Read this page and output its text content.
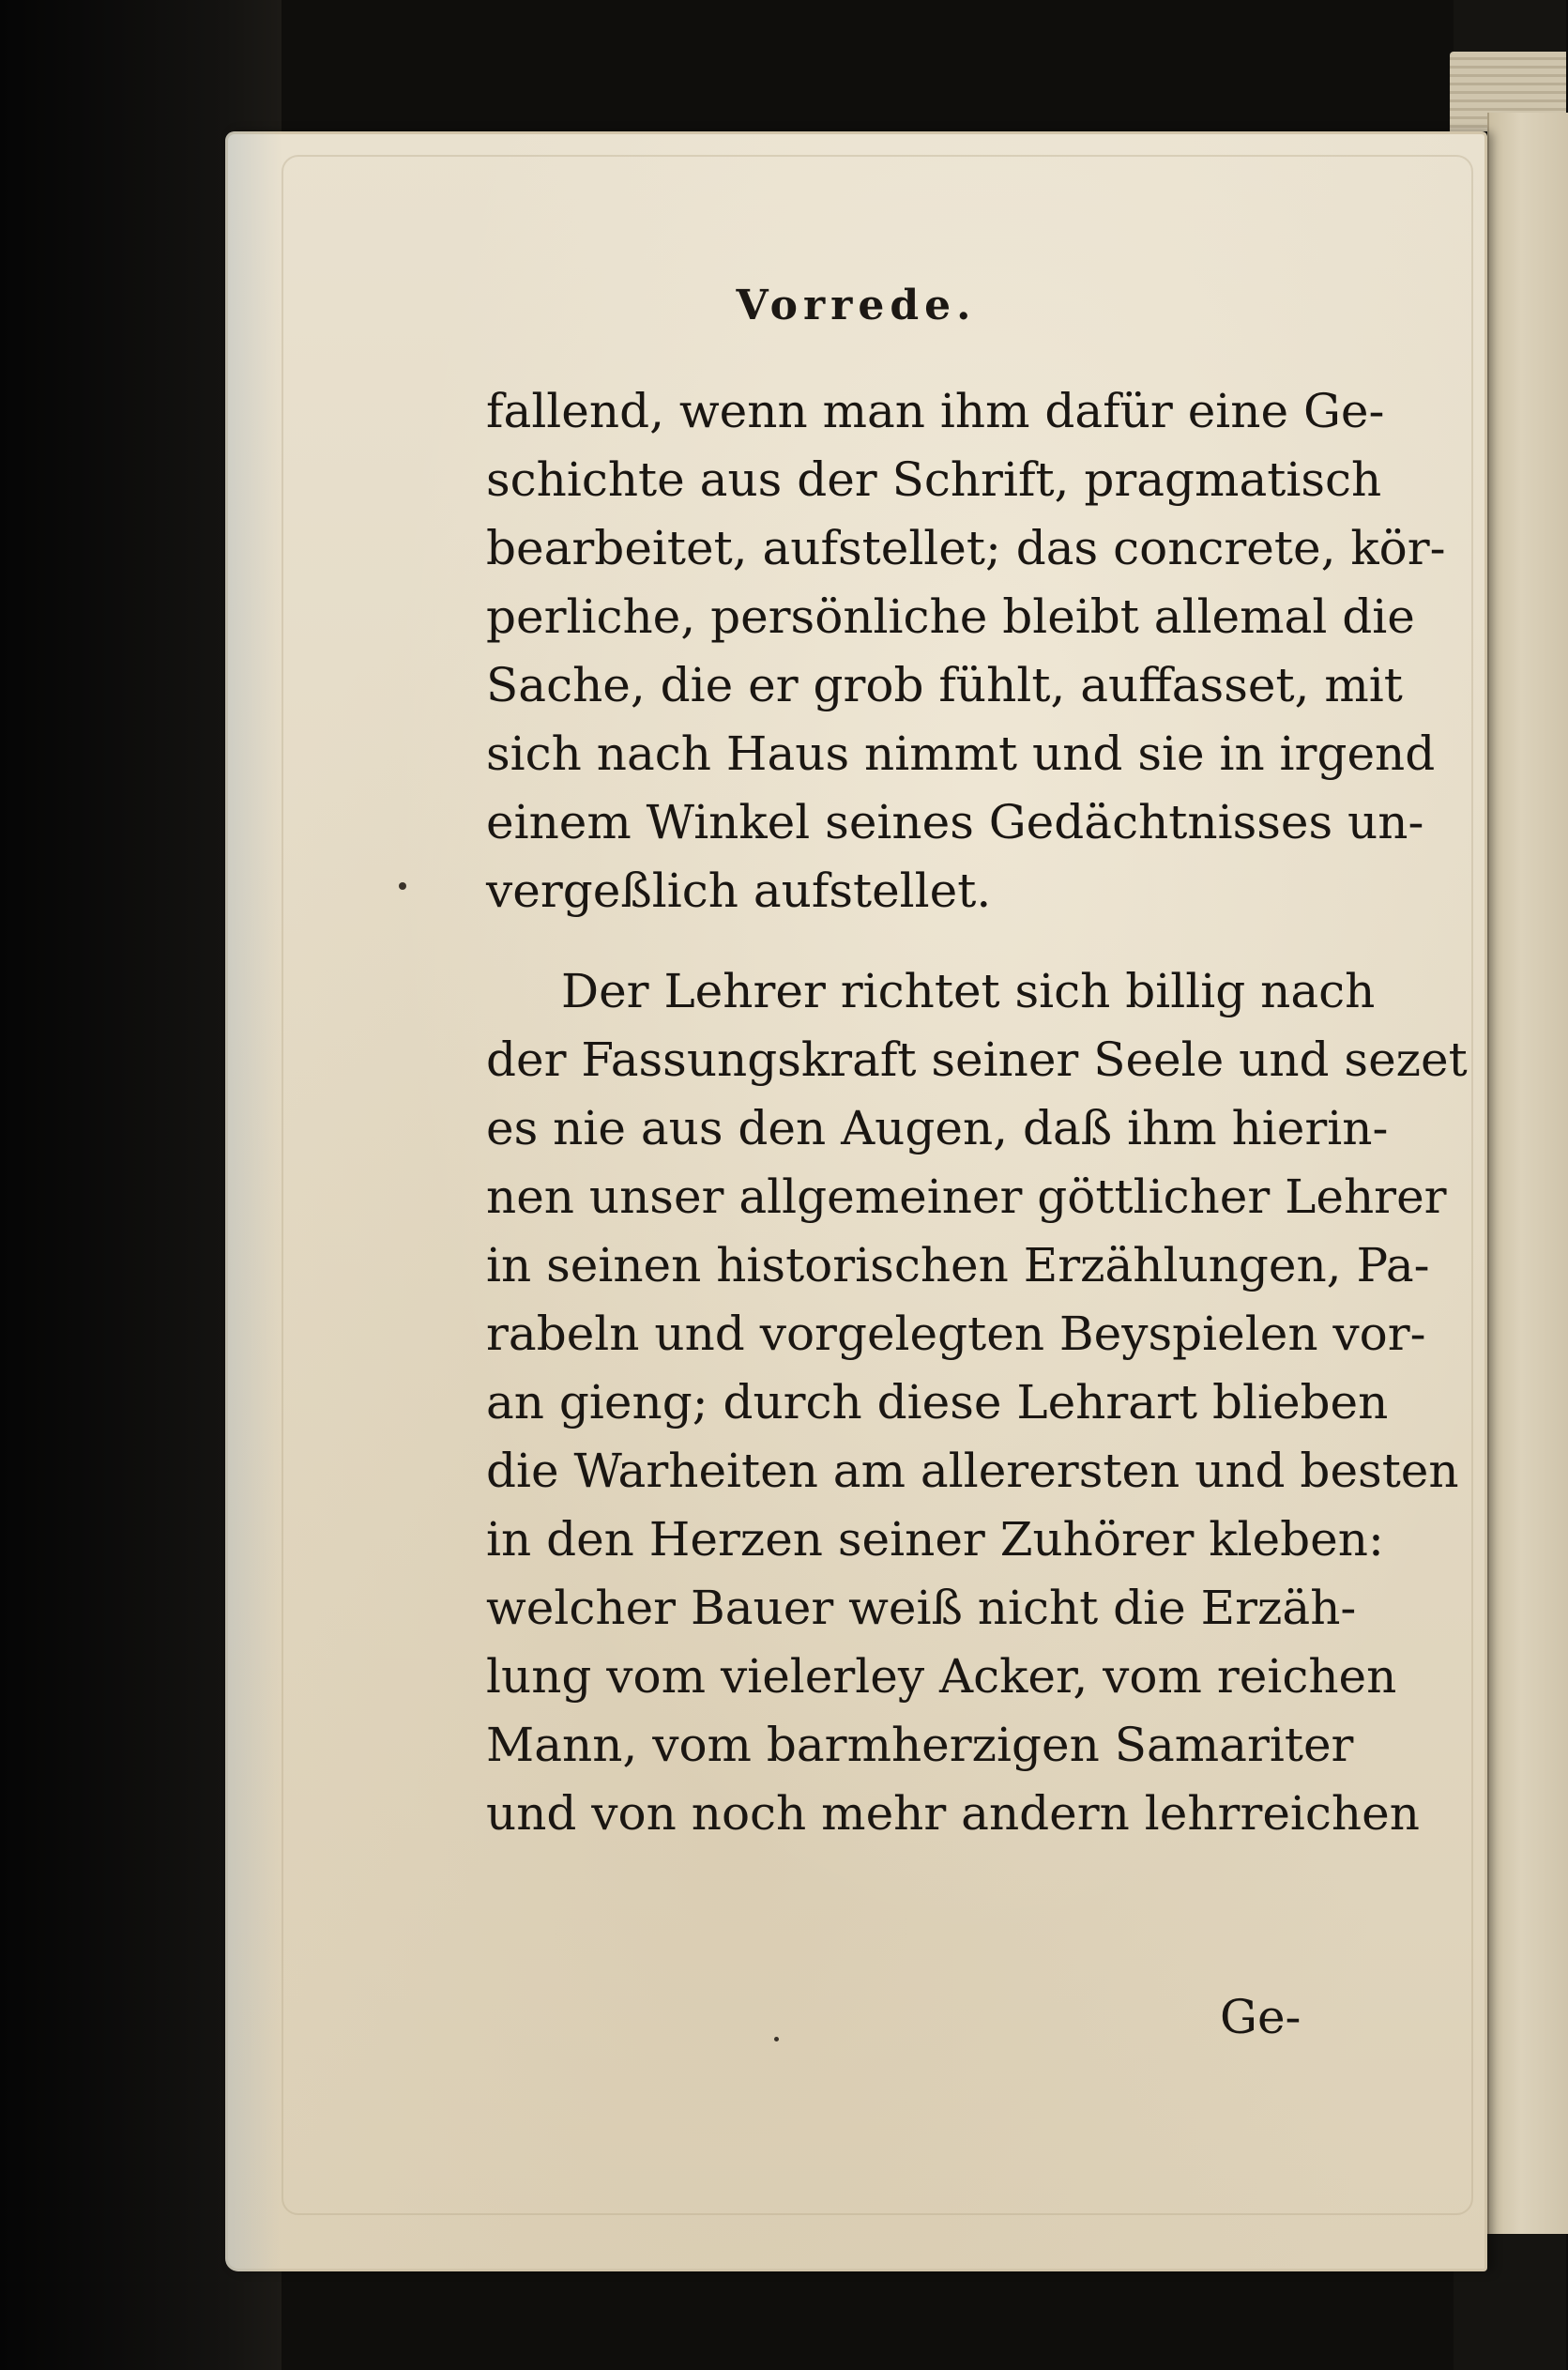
Vorrede.
fallend, wenn man ihm dafür eine Ge-
schichte aus der Schrift, pragmatisch
bearbeitet, aufstellet; das concrete, kör-
perliche, persönliche bleibt allemal die
Sache, die er grob fühlt, auffasset, mit
sich nach Haus nimmt und sie in irgend
einem Winkel seines Gedächtnisses un-
vergeßlich aufstellet.
Der Lehrer richtet sich billig nach
der Fassungskraft seiner Seele und sezet
es nie aus den Augen, daß ihm hierin-
nen unser allgemeiner göttlicher Lehrer
in seinen historischen Erzählungen, Pa-
rabeln und vorgelegten Beyspielen vor-
an gieng; durch diese Lehrart blieben
die Warheiten am allerersten und besten
in den Herzen seiner Zuhörer kleben:
welcher Bauer weiß nicht die Erzäh-
lung vom vielerley Acker, vom reichen
Mann, vom barmherzigen Samariter
und von noch mehr andern lehrreichen
Ge-
